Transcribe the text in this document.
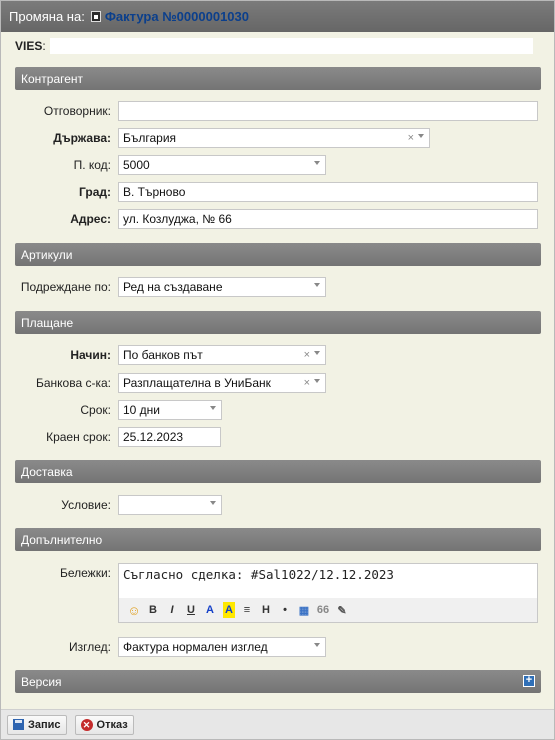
Промяна на: Фактура №0000001030
VIES :
Контрагент
Отговорник:
Държава: България	×
П. код: 5000
Град:	В. Търново
Адрес:	ул. Козлуджа, № 66
Артикули
Подреждане по: Ред на създаване
Плащане
Начин: По банков път	×
Банкова с-ка: Разплащателна в УниБанк	×
Срок: 10 дни
Краен срок:	25.12.2023
Доставка
Условие:
Допълнително
Бележки: Съгласно сделка: #Sal1022/12.12.2023
☺ B	I	U	A	A ≡	H	•	▦ 66 ✎
Изглед: Фактура нормален изглед
Версия	+
Запис ✕ Отказ
